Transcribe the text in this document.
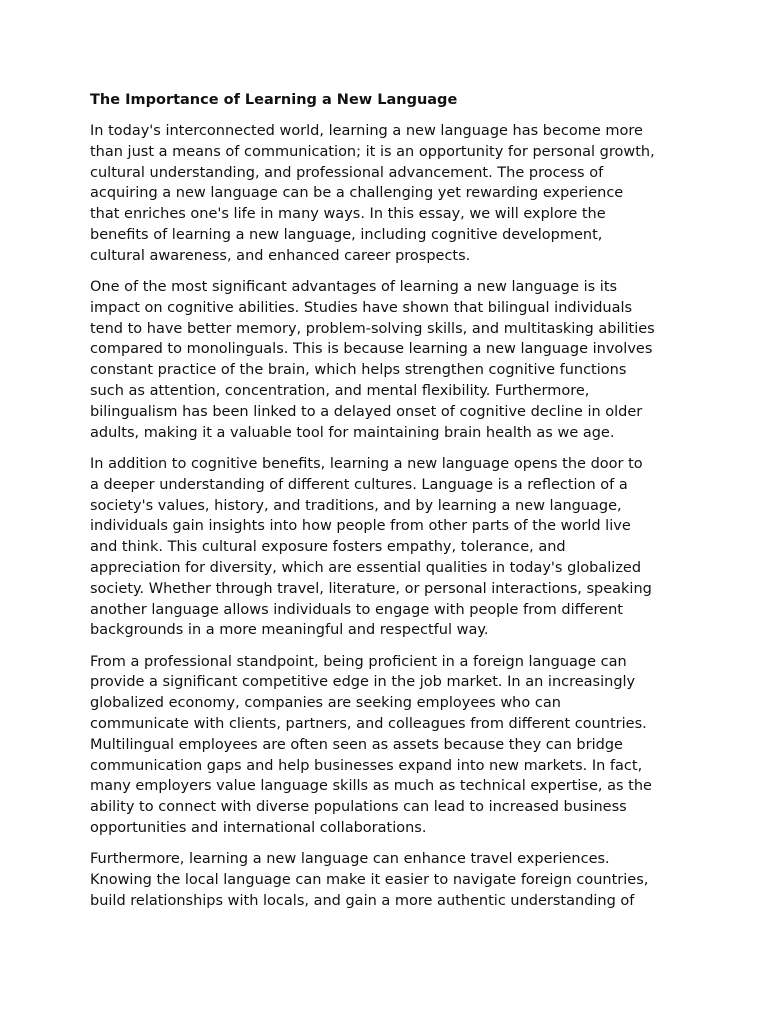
The Importance of Learning a New Language

In today's interconnected world, learning a new language has become more
than just a means of communication; it is an opportunity for personal growth,
cultural understanding, and professional advancement. The process of
acquiring a new language can be a challenging yet rewarding experience
that enriches one's life in many ways. In this essay, we will explore the
benefits of learning a new language, including cognitive development,
cultural awareness, and enhanced career prospects.

One of the most significant advantages of learning a new language is its
impact on cognitive abilities. Studies have shown that bilingual individuals
tend to have better memory, problem-solving skills, and multitasking abilities
compared to monolinguals. This is because learning a new language involves
constant practice of the brain, which helps strengthen cognitive functions
such as attention, concentration, and mental flexibility. Furthermore,
bilingualism has been linked to a delayed onset of cognitive decline in older
adults, making it a valuable tool for maintaining brain health as we age.

In addition to cognitive benefits, learning a new language opens the door to
a deeper understanding of different cultures. Language is a reflection of a
society's values, history, and traditions, and by learning a new language,
individuals gain insights into how people from other parts of the world live
and think. This cultural exposure fosters empathy, tolerance, and
appreciation for diversity, which are essential qualities in today's globalized
society. Whether through travel, literature, or personal interactions, speaking
another language allows individuals to engage with people from different
backgrounds in a more meaningful and respectful way.

From a professional standpoint, being proficient in a foreign language can
provide a significant competitive edge in the job market. In an increasingly
globalized economy, companies are seeking employees who can
communicate with clients, partners, and colleagues from different countries.
Multilingual employees are often seen as assets because they can bridge
communication gaps and help businesses expand into new markets. In fact,
many employers value language skills as much as technical expertise, as the
ability to connect with diverse populations can lead to increased business
opportunities and international collaborations.

Furthermore, learning a new language can enhance travel experiences.
Knowing the local language can make it easier to navigate foreign countries,
build relationships with locals, and gain a more authentic understanding of
